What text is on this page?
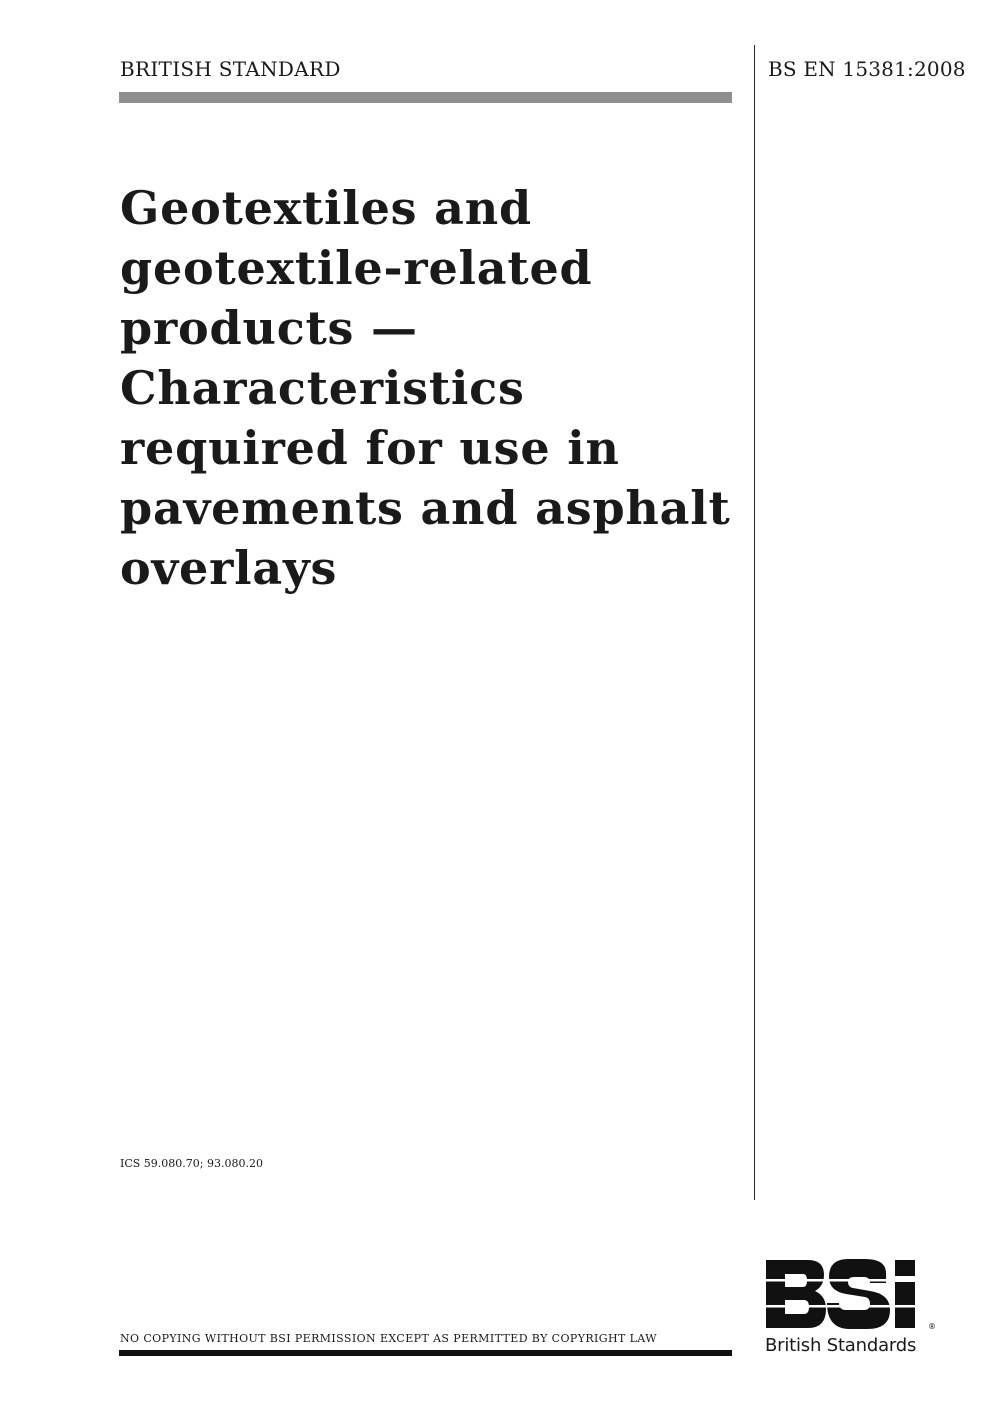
BRITISH STANDARD	BS EN 15381:2008
Geotextiles and
geotextile-related
products —
Characteristics
required for use in
pavements and asphalt
overlays
ICS 59.080.70; 93.080.20
NO COPYING WITHOUT BSI PERMISSION EXCEPT AS PERMITTED BY COPYRIGHT LAW
®
British Standards
